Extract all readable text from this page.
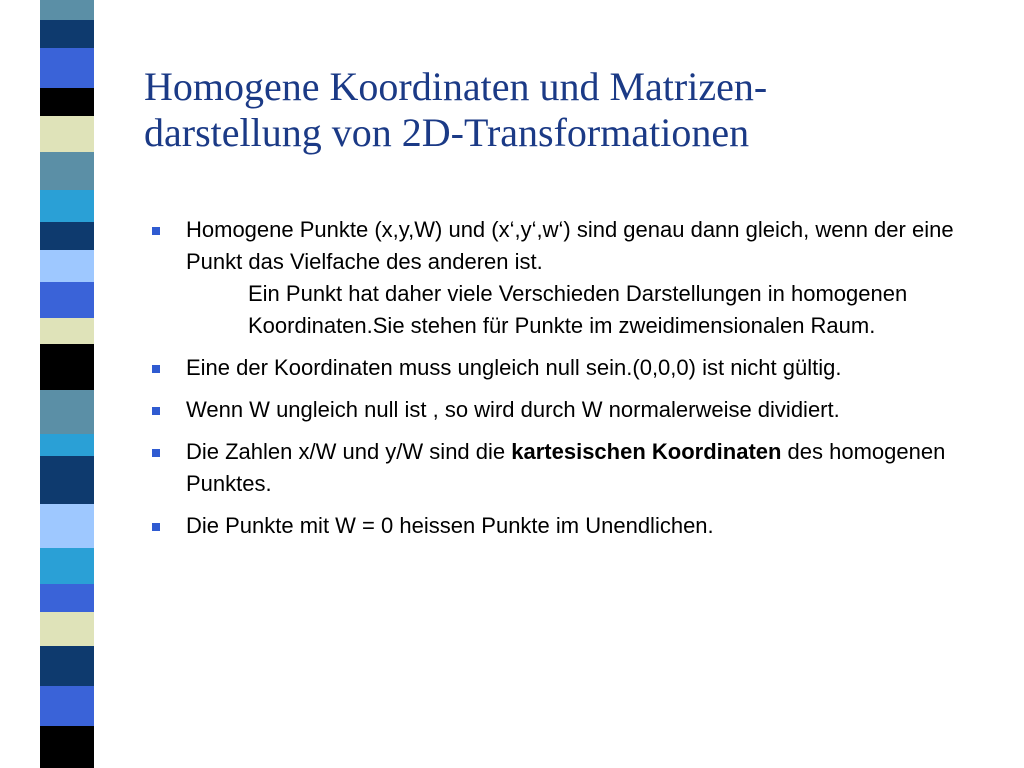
Homogene Koordinaten und Matrizen-
darstellung von 2D-Transformationen
Homogene Punkte (x,y,W) und (x‘,y‘,w‘) sind genau dann gleich, wenn der eine Punkt das Vielfache des anderen ist.
Ein Punkt hat daher viele Verschieden Darstellungen in homogenen Koordinaten.Sie stehen für Punkte im zweidimensionalen Raum.
Eine der Koordinaten muss ungleich null sein.(0,0,0) ist nicht gültig.
Wenn W ungleich null ist , so wird durch W normalerweise dividiert.
Die Zahlen x/W und y/W sind die kartesischen Koordinaten des homogenen Punktes.
Die Punkte mit W = 0 heissen Punkte im Unendlichen.
